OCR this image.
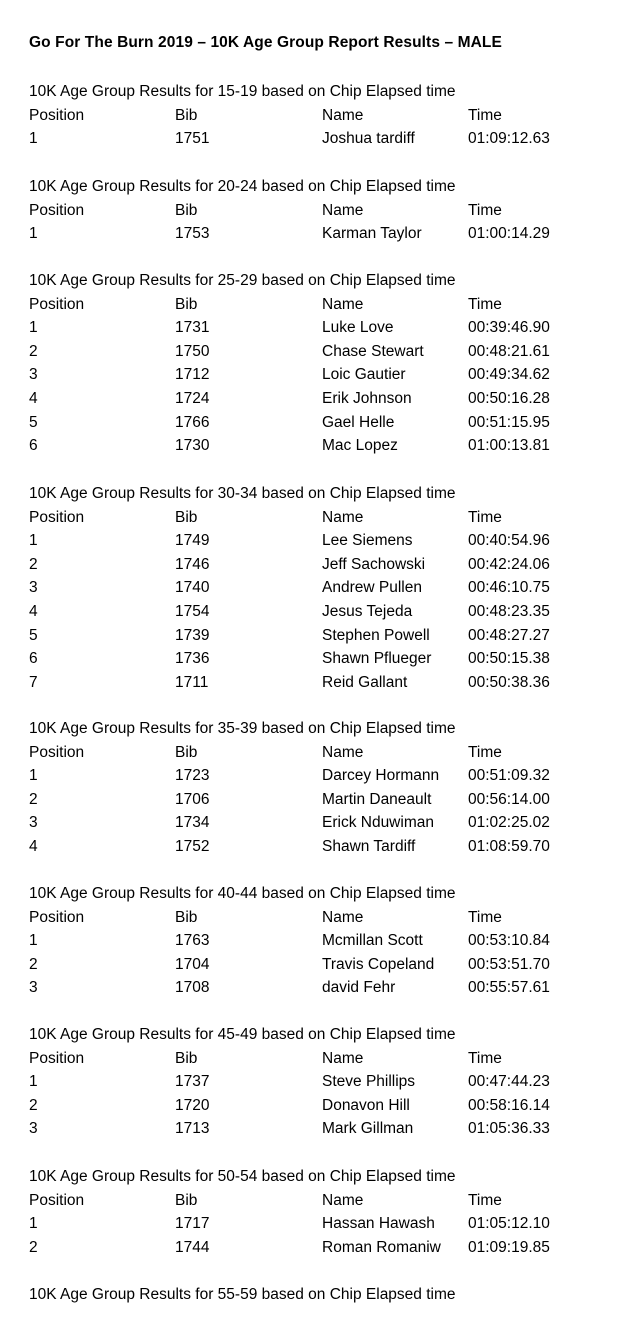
Go For The Burn 2019 – 10K Age Group Report Results – MALE
10K Age Group Results for 15-19 based on Chip Elapsed time
Position	Bib	Name	Time
1	1751	Joshua tardiff	01:09:12.63
10K Age Group Results for 20-24 based on Chip Elapsed time
Position	Bib	Name	Time
1	1753	Karman Taylor	01:00:14.29
10K Age Group Results for 25-29 based on Chip Elapsed time
Position	Bib	Name	Time
1	1731	Luke Love	00:39:46.90
2	1750	Chase Stewart	00:48:21.61
3	1712	Loic Gautier	00:49:34.62
4	1724	Erik Johnson	00:50:16.28
5	1766	Gael Helle	00:51:15.95
6	1730	Mac Lopez	01:00:13.81
10K Age Group Results for 30-34 based on Chip Elapsed time
Position	Bib	Name	Time
1	1749	Lee Siemens	00:40:54.96
2	1746	Jeff Sachowski	00:42:24.06
3	1740	Andrew Pullen	00:46:10.75
4	1754	Jesus Tejeda	00:48:23.35
5	1739	Stephen Powell 00:48:27.27
6	1736	Shawn Pflueger 00:50:15.38
7	1711	Reid Gallant	00:50:38.36
10K Age Group Results for 35-39 based on Chip Elapsed time
Position	Bib	Name	Time
1	1723	Darcey Hormann 00:51:09.32
2	1706	Martin Daneault 00:56:14.00
3	1734	Erick Nduwiman 01:02:25.02
4	1752	Shawn Tardiff	01:08:59.70
10K Age Group Results for 40-44 based on Chip Elapsed time
Position	Bib	Name	Time
1	1763	Mcmillan Scott	00:53:10.84
2	1704	Travis Copeland 00:53:51.70
3	1708	david Fehr	00:55:57.61
10K Age Group Results for 45-49 based on Chip Elapsed time
Position	Bib	Name	Time
1	1737	Steve Phillips	00:47:44.23
2	1720	Donavon Hill	00:58:16.14
3	1713	Mark Gillman	01:05:36.33
10K Age Group Results for 50-54 based on Chip Elapsed time
Position	Bib	Name	Time
1	1717	Hassan Hawash 01:05:12.10
2	1744	Roman Romaniw 01:09:19.85
10K Age Group Results for 55-59 based on Chip Elapsed time
